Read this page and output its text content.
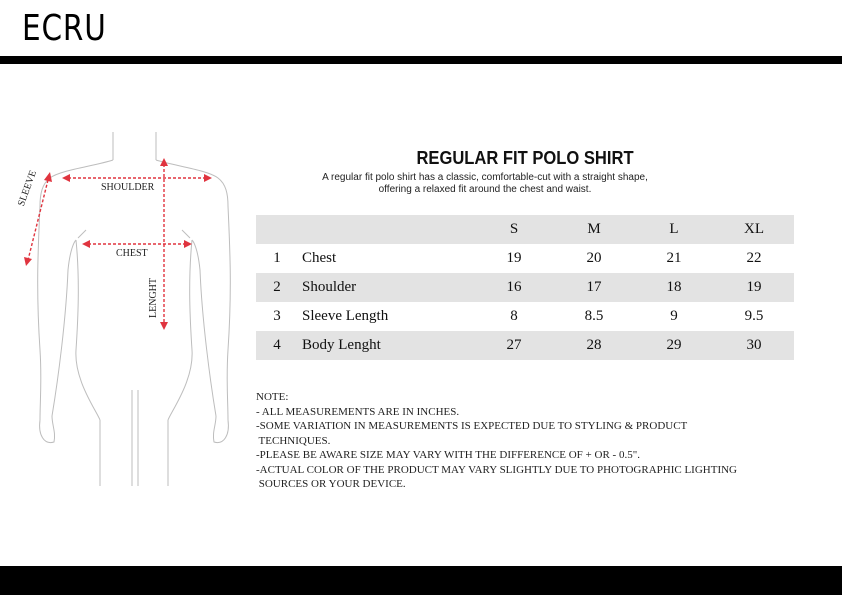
ECRU
SHOULDER
CHEST
SLEEVE
LENGHT
REGULAR FIT POLO SHIRT
A regular fit polo shirt has a classic, comfortable-cut with a straight shape,
offering a relaxed fit around the chest and waist.
		S	M	L	XL
1	Chest	19	20	21	22
2	Shoulder	16	17	18	19
3	Sleeve Length	8	8.5	9	9.5
4	Body Lenght	27	28	29	30
NOTE:
- ALL MEASUREMENTS ARE IN INCHES.
-SOME VARIATION IN MEASUREMENTS IS EXPECTED DUE TO STYLING & PRODUCT
TECHNIQUES.
-PLEASE BE AWARE SIZE MAY VARY WITH THE DIFFERENCE OF + OR - 0.5".
-ACTUAL COLOR OF THE PRODUCT MAY VARY SLIGHTLY DUE TO PHOTOGRAPHIC LIGHTING
SOURCES OR YOUR DEVICE.
